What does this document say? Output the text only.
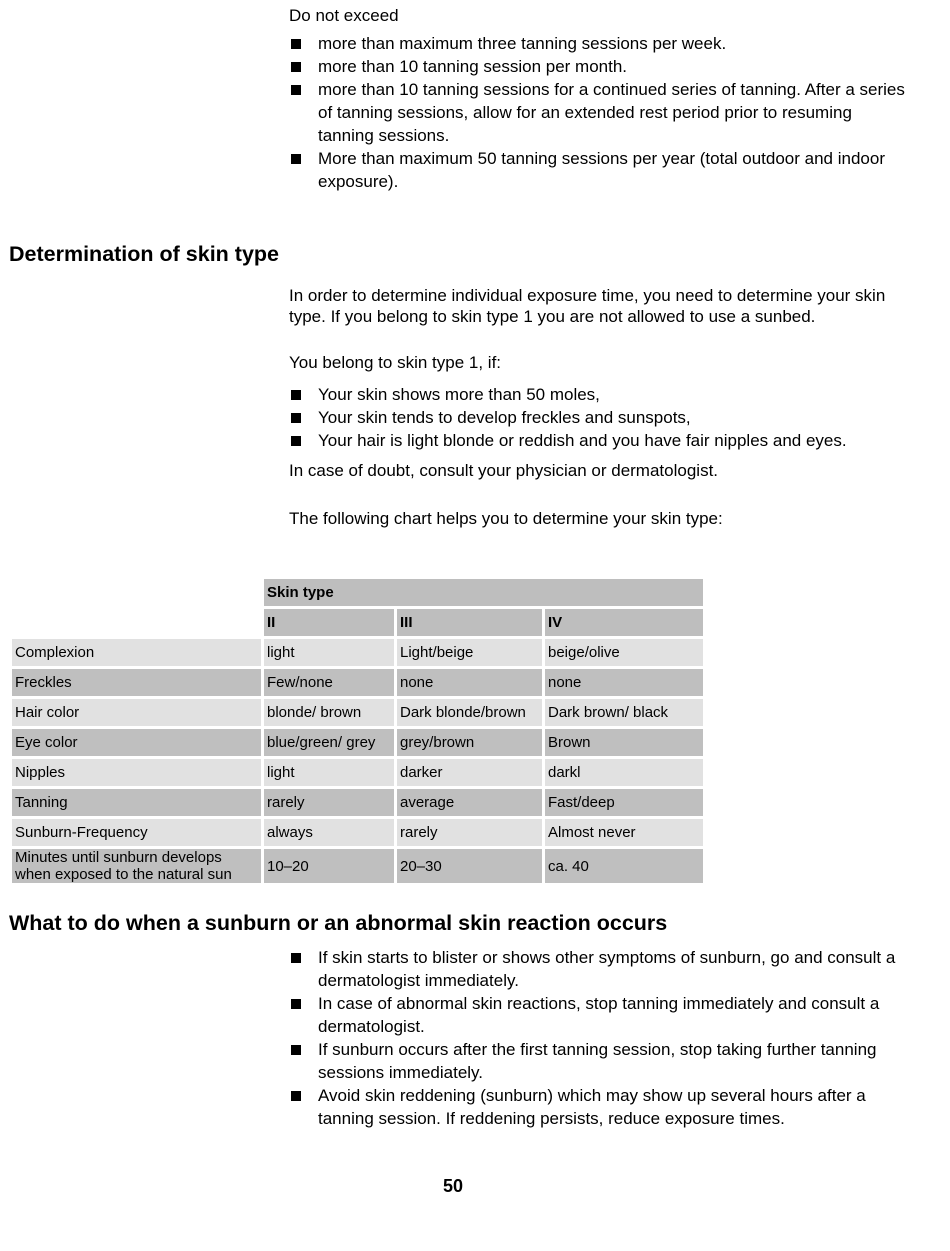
Do not exceed

more than maximum three tanning sessions per week.
more than 10 tanning session per month.
more than 10 tanning sessions for a continued series of tanning. After a series of tanning sessions, allow for an extended rest period prior to resuming tanning sessions.
More than maximum 50 tanning sessions per year (total outdoor and indoor exposure).
Determination of skin type

In order to determine individual exposure time, you need to determine your skin type. If you belong to skin type 1 you are not allowed to use a sunbed.

You belong to skin type 1, if:

Your skin shows more than 50 moles,
Your skin tends to develop freckles and sunspots,
Your hair is light blonde or reddish and you have fair nipples and eyes.

In case of doubt, consult your physician or dermatologist.

The following chart helps you to determine your skin type:

	Skin type		
	II	III	IV
Complexion	light	Light/beige	beige/olive
Freckles	Few/none	none	none
Hair color	blonde/ brown	Dark blonde/brown	Dark brown/ black
Eye color	blue/green/ grey	grey/brown	Brown
Nipples	light	darker	darkl
Tanning	rarely	average	Fast/deep
Sunburn-Frequency	always	rarely	Almost never
Minutes until sunburn develops
when exposed to the natural sun	10–20	20–30	ca. 40
What to do when a sunburn or an abnormal skin reaction occurs
If skin starts to blister or shows other symptoms of sunburn, go and consult a dermatologist immediately.
In case of abnormal skin reactions, stop tanning immediately and consult a dermatologist.
If sunburn occurs after the first tanning session, stop taking further tanning sessions immediately.
Avoid skin reddening (sunburn) which may show up several hours after a tanning session. If reddening persists, reduce exposure times.
50
